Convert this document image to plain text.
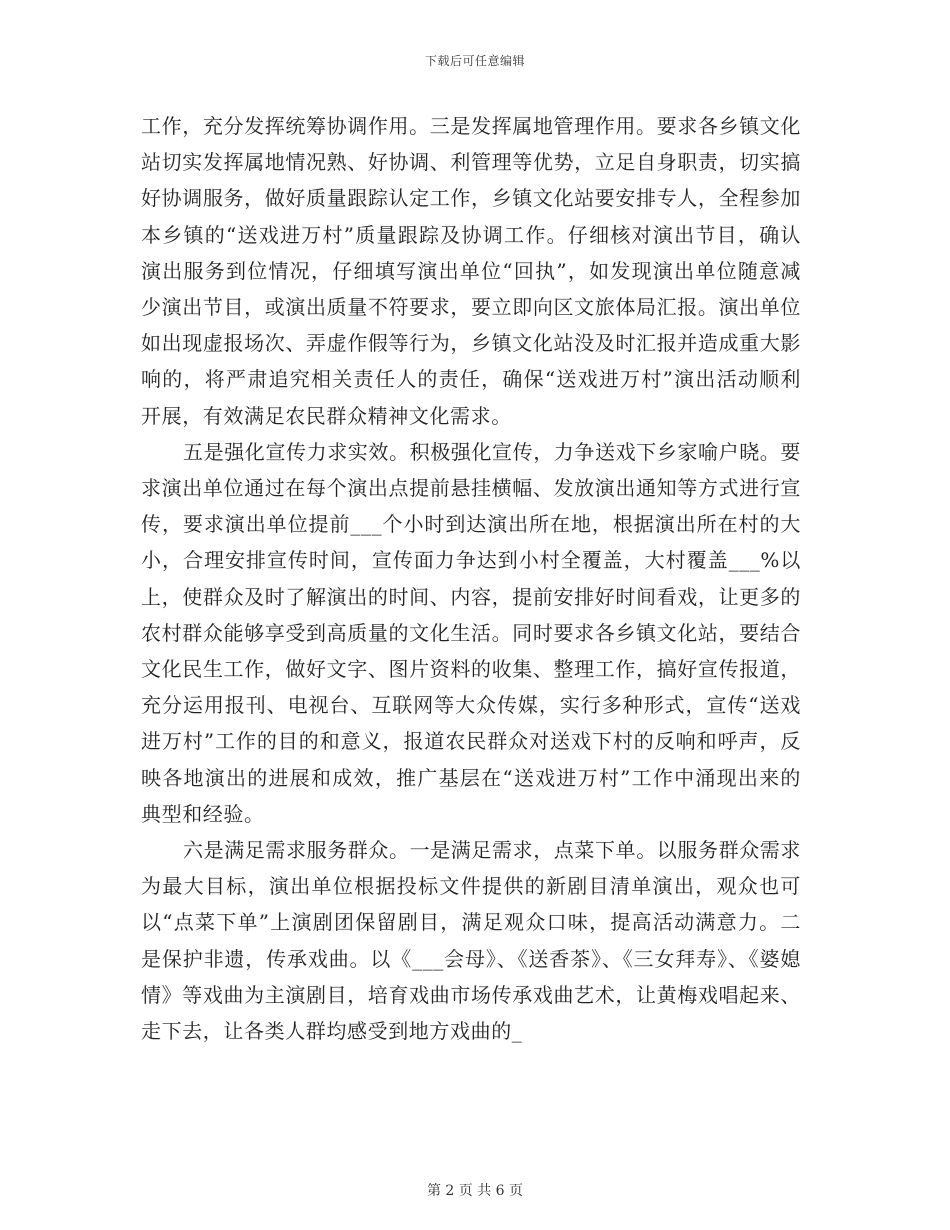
下载后可任意编辑

工作，充分发挥统筹协调作用。三是发挥属地管理作用。要求各乡镇文化站切实发挥属地情况熟、好协调、利管理等优势，立足自身职责，切实搞好协调服务，做好质量跟踪认定工作，乡镇文化站要安排专人，全程参加本乡镇的“送戏进万村”质量跟踪及协调工作。仔细核对演出节目，确认演出服务到位情况，仔细填写演出单位“回执”，如发现演出单位随意减少演出节目，或演出质量不符要求，要立即向区文旅体局汇报。演出单位如出现虚报场次、弄虚作假等行为，乡镇文化站没及时汇报并造成重大影响的，将严肃追究相关责任人的责任，确保“送戏进万村”演出活动顺利开展，有效满足农民群众精神文化需求。

五是强化宣传力求实效。积极强化宣传，力争送戏下乡家喻户晓。要求演出单位通过在每个演出点提前悬挂横幅、发放演出通知等方式进行宣传，要求演出单位提前___个小时到达演出所在地，根据演出所在村的大小，合理安排宣传时间，宣传面力争达到小村全覆盖，大村覆盖___%以上，使群众及时了解演出的时间、内容，提前安排好时间看戏，让更多的农村群众能够享受到高质量的文化生活。同时要求各乡镇文化站，要结合文化民生工作，做好文字、图片资料的收集、整理工作，搞好宣传报道，充分运用报刊、电视台、互联网等大众传媒，实行多种形式，宣传“送戏进万村”工作的目的和意义，报道农民群众对送戏下村的反响和呼声，反映各地演出的进展和成效，推广基层在“送戏进万村”工作中涌现出来的典型和经验。

六是满足需求服务群众。一是满足需求，点菜下单。以服务群众需求为最大目标，演出单位根据投标文件提供的新剧目清单演出，观众也可以“点菜下单”上演剧团保留剧目，满足观众口味，提高活动满意力。二是保护非遗，传承戏曲。以《___会母》、《送香茶》、《三女拜寿》、《婆媳情》等戏曲为主演剧目，培育戏曲市场传承戏曲艺术，让黄梅戏唱起来、走下去，让各类人群均感受到地方戏曲的_

第 2 页 共 6 页
